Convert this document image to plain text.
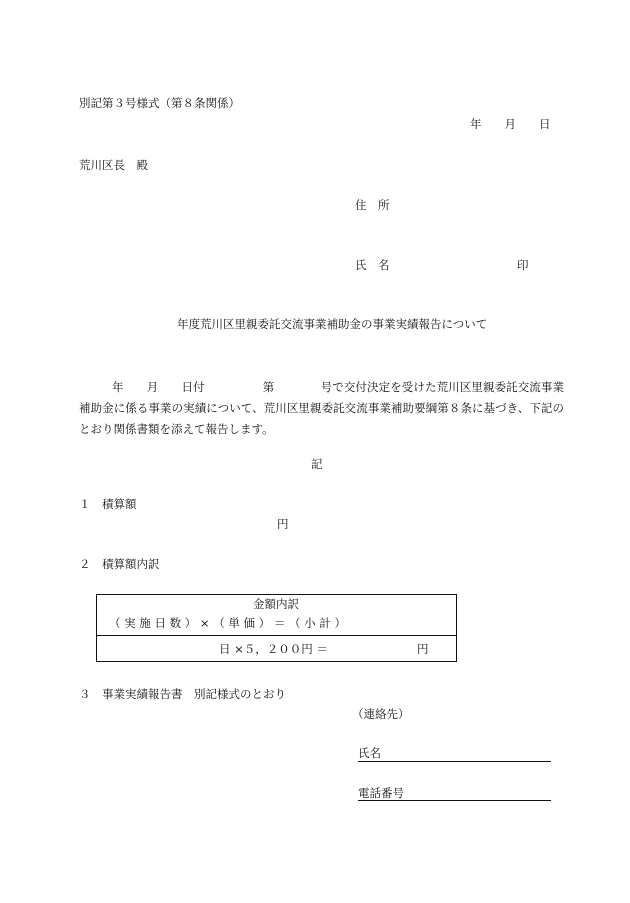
別記第３号様式（第８条関係）
年　　月　　日
荒川区長　殿
住　所
氏　名	印
年度荒川区里親委託交流事業補助金の事業実績報告について
年　　月　　日付　　　　　第　　　　号で交付決定を受けた荒川区里親委託交流事業補助金に係る事業の実績について、荒川区里親委託交流事業補助要綱第８条に基づき、下記のとおり関係書類を添えて報告します。
記
１ 積算額
円
２ 積算額内訳
金額内訳
（ 実 施 日 数 ） × （ 単 価 ） ＝ （ 小 計 ）
日 ×５，２００円 ＝	円
３ 事業実績報告書　別記様式のとおり
（連絡先）
氏名
電話番号
